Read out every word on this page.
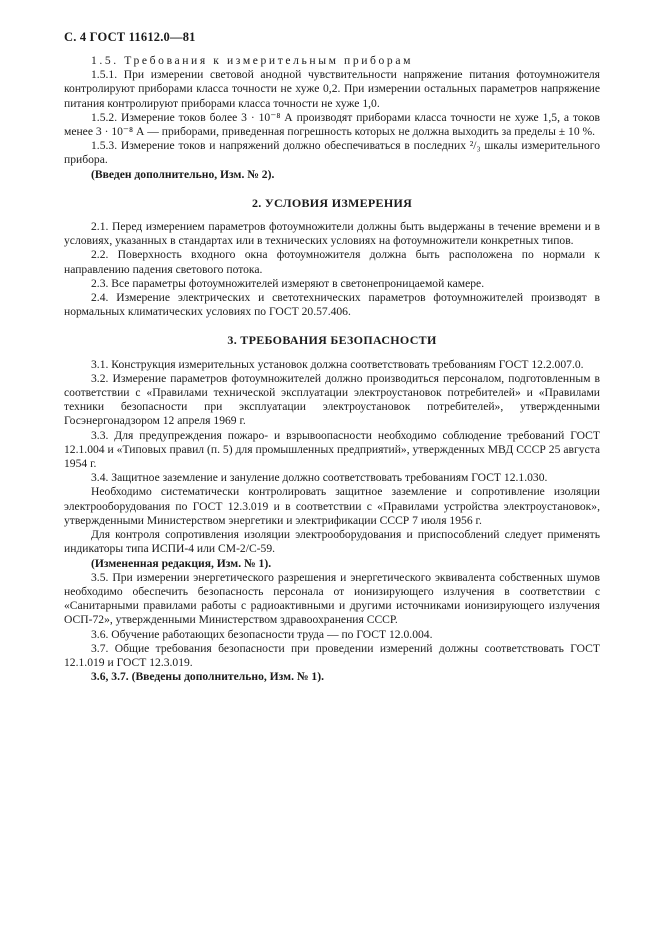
С. 4 ГОСТ 11612.0—81

1.5. Требования к измерительным приборам

1.5.1. При измерении световой анодной чувствительности напряжение питания фотоумножителя контролируют приборами класса точности не хуже 0,2. При измерении остальных параметров напряжение питания контролируют приборами класса точности не хуже 1,0.

1.5.2. Измерение токов более 3 · 10⁻⁸ А производят приборами класса точности не хуже 1,5, а токов менее 3 · 10⁻⁸ А — приборами, приведенная погрешность которых не должна выходить за пределы ± 10 %.

1.5.3. Измерение токов и напряжений должно обеспечиваться в последних ²/₃ шкалы измерительного прибора.

(Введен дополнительно, Изм. № 2).

2. УСЛОВИЯ ИЗМЕРЕНИЯ

2.1. Перед измерением параметров фотоумножители должны быть выдержаны в течение времени и в условиях, указанных в стандартах или в технических условиях на фотоумножители конкретных типов.

2.2. Поверхность входного окна фотоумножителя должна быть расположена по нормали к направлению падения светового потока.

2.3. Все параметры фотоумножителей измеряют в светонепроницаемой камере.

2.4. Измерение электрических и светотехнических параметров фотоумножителей производят в нормальных климатических условиях по ГОСТ 20.57.406.

3. ТРЕБОВАНИЯ БЕЗОПАСНОСТИ

3.1. Конструкция измерительных установок должна соответствовать требованиям ГОСТ 12.2.007.0.

3.2. Измерение параметров фотоумножителей должно производиться персоналом, подготовленным в соответствии с «Правилами технической эксплуатации электроустановок потребителей» и «Правилами техники безопасности при эксплуатации электроустановок потребителей», утвержденными Госэнергонадзором 12 апреля 1969 г.

3.3. Для предупреждения пожаро- и взрывоопасности необходимо соблюдение требований ГОСТ 12.1.004 и «Типовых правил (п. 5) для промышленных предприятий», утвержденных МВД СССР 25 августа 1954 г.

3.4. Защитное заземление и зануление должно соответствовать требованиям ГОСТ 12.1.030.

Необходимо систематически контролировать защитное заземление и сопротивление изоляции электрооборудования по ГОСТ 12.3.019 и в соответствии с «Правилами устройства электроустановок», утвержденными Министерством энергетики и электрификации СССР 7 июля 1956 г.

Для контроля сопротивления изоляции электрооборудования и приспособлений следует применять индикаторы типа ИСПИ-4 или СМ-2/С-59.

(Измененная редакция, Изм. № 1).

3.5. При измерении энергетического разрешения и энергетического эквивалента собственных шумов необходимо обеспечить безопасность персонала от ионизирующего излучения в соответствии с «Санитарными правилами работы с радиоактивными и другими источниками ионизирующего излучения ОСП-72», утвержденными Министерством здравоохранения СССР.

3.6. Обучение работающих безопасности труда — по ГОСТ 12.0.004.

3.7. Общие требования безопасности при проведении измерений должны соответствовать ГОСТ 12.1.019 и ГОСТ 12.3.019.

3.6, 3.7. (Введены дополнительно, Изм. № 1).
